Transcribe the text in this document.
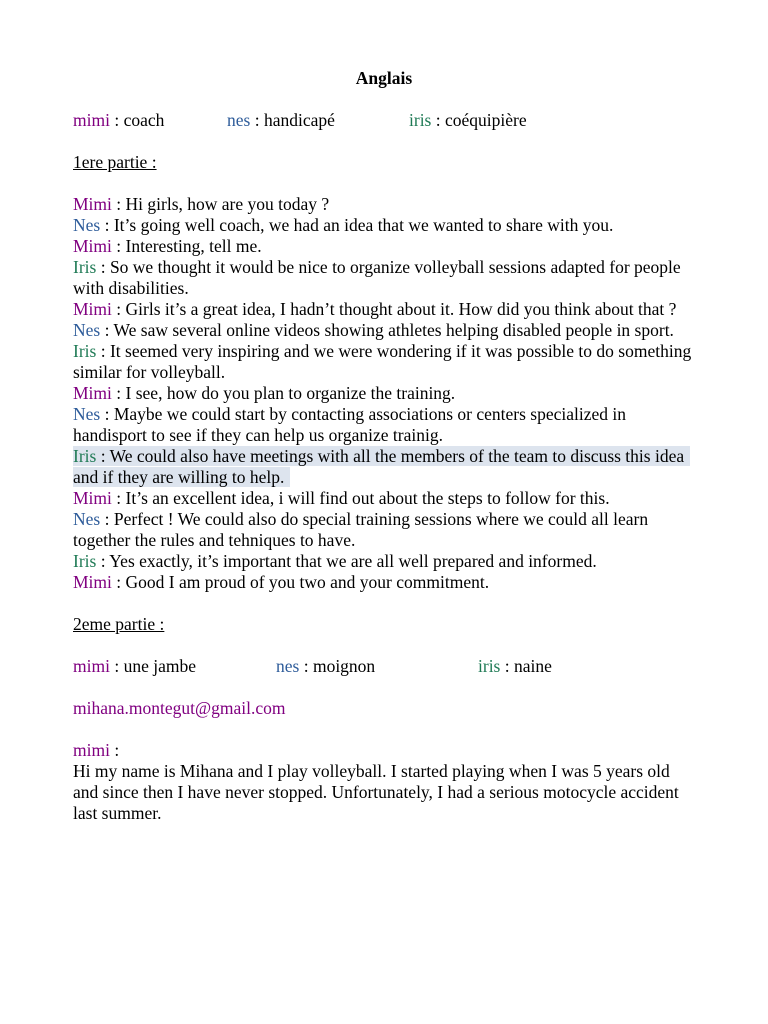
Anglais
mimi : coach	nes : handicapé	iris : coéquipière
1ere partie :

Mimi : Hi girls, how are you today ?

Nes : It’s going well coach, we had an idea that we wanted to share with you.

Mimi : Interesting, tell me.

Iris : So we thought it would be nice to organize volleyball sessions adapted for people with disabilities.

Mimi : Girls it’s a great idea, I hadn’t thought about it. How did you think about that ?

Nes : We saw several online videos showing athletes helping disabled people in sport.

Iris : It seemed very inspiring and we were wondering if it was possible to do something similar for volleyball.

Mimi : I see, how do you plan to organize the training.

Nes : Maybe we could start by contacting associations or centers specialized in handisport to see if they can help us organize trainig.

Iris : We could also have meetings with all the members of the team to discuss this idea and if they are willing to help.

Mimi : It’s an excellent idea, i will find out about the steps to follow for this.

Nes : Perfect ! We could also do special training sessions where we could all learn together the rules and tehniques to have.

Iris : Yes exactly, it’s important that we are all well prepared and informed.

Mimi : Good I am proud of you two and your commitment.

2eme partie :
mimi : une jambe	nes : moignon	iris : naine

mihana.montegut@gmail.com

mimi :

Hi my name is Mihana and I play volleyball. I started playing when I was 5 years old and since then I have never stopped. Unfortunately, I had a serious motocycle accident last summer.
